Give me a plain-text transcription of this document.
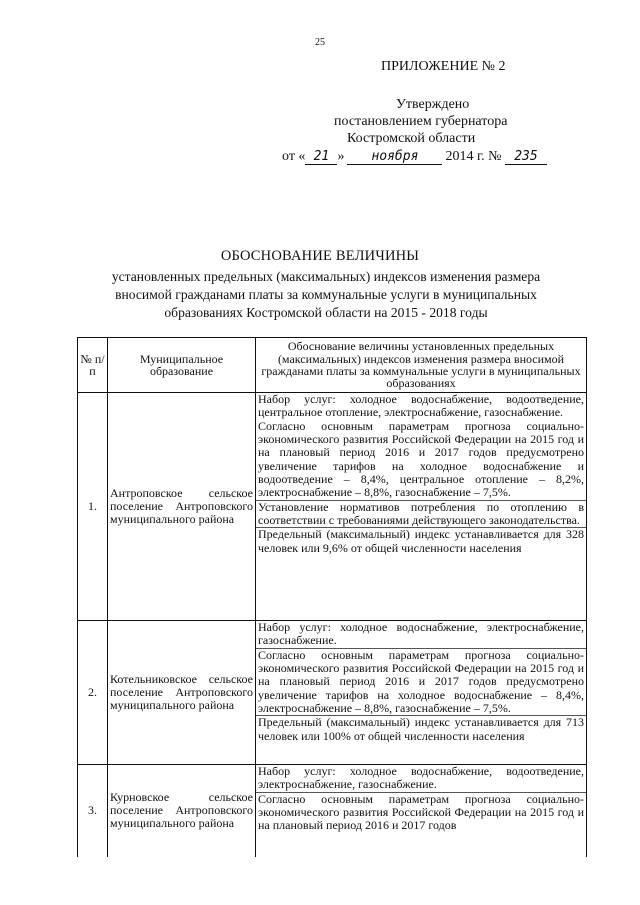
25
ПРИЛОЖЕНИЕ № 2
Утверждено
постановлением губернатора
Костромской области
от « 21 » ноября 2014 г. № 235
ОБОСНОВАНИЕ ВЕЛИЧИНЫ
установленных предельных (максимальных) индексов изменения размера вносимой гражданами платы за коммунальные услуги в муниципальных образованиях Костромской области на 2015 - 2018 годы
№ п/п	Муниципальное образование	Обоснование величины установленных предельных (максимальных) индексов изменения размера вносимой гражданами платы за коммунальные услуги в муниципальных образованиях
1.	Антроповское сельское поселение Антроповского муниципального района	Набор услуг: холодное водоснабжение, водоотведение, центральное отопление, электроснабжение, газоснабжение.
Согласно основным параметрам прогноза социально-экономического развития Российской Федерации на 2015 год и на плановый период 2016 и 2017 годов предусмотрено увеличение тарифов на холодное водоснабжение и водоотведение – 8,4%, центральное отопление – 8,2%, электроснабжение – 8,8%, газоснабжение – 7,5%.
Установление нормативов потребления по отоплению в соответствии с требованиями действующего законодательства.
Предельный (максимальный) индекс устанавливается для 328 человек или 9,6% от общей численности населения

2.	Котельниковское сельское поселение Антроповского муниципального района	Набор услуг: холодное водоснабжение, электроснабжение, газоснабжение.
Согласно основным параметрам прогноза социально-экономического развития Российской Федерации на 2015 год и на плановый период 2016 и 2017 годов предусмотрено увеличение тарифов на холодное водоснабжение – 8,4%, электроснабжение – 8,8%, газоснабжение – 7,5%.
Предельный (максимальный) индекс устанавливается для 713 человек или 100% от общей численности населения

3.	Курновское сельское поселение Антроповского муниципального района	Набор услуг: холодное водоснабжение, водоотведение, электроснабжение, газоснабжение.
Согласно основным параметрам прогноза социально-экономического развития Российской Федерации на 2015 год и на плановый период 2016 и 2017 годов
